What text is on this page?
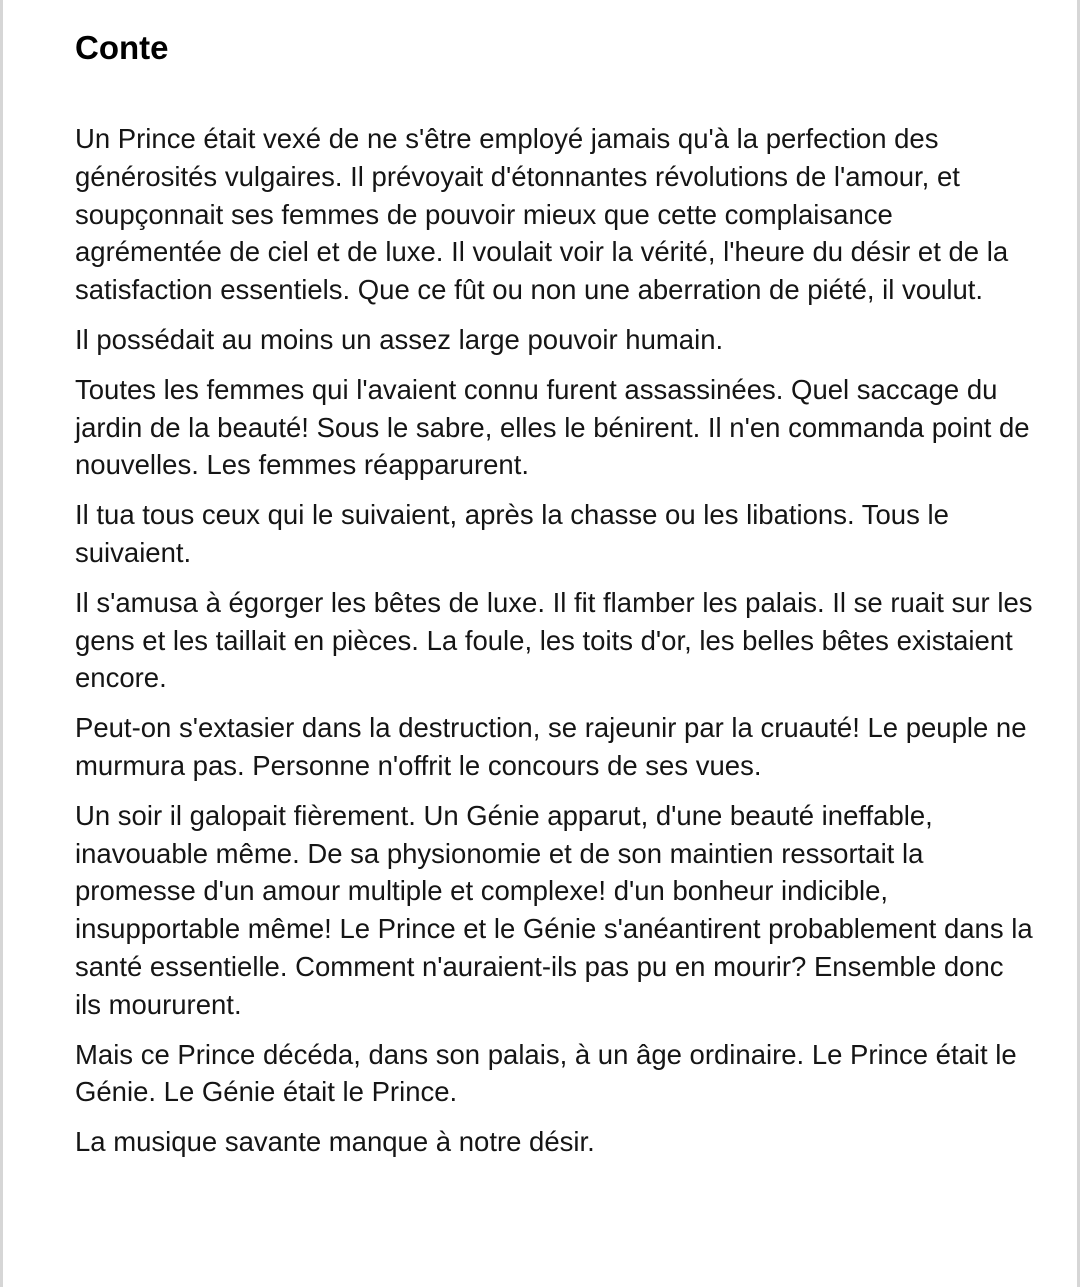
Conte

Un Prince était vexé de ne s'être employé jamais qu'à la perfection des générosités vulgaires. Il prévoyait d'étonnantes révolutions de l'amour, et soupçonnait ses femmes de pouvoir mieux que cette complaisance agrémentée de ciel et de luxe. Il voulait voir la vérité, l'heure du désir et de la satisfaction essentiels. Que ce fût ou non une aberration de piété, il voulut.

Il possédait au moins un assez large pouvoir humain.

Toutes les femmes qui l'avaient connu furent assassinées. Quel saccage du jardin de la beauté! Sous le sabre, elles le bénirent. Il n'en commanda point de nouvelles. Les femmes réapparurent.

Il tua tous ceux qui le suivaient, après la chasse ou les libations. Tous le suivaient.

Il s'amusa à égorger les bêtes de luxe. Il fit flamber les palais. Il se ruait sur les gens et les taillait en pièces. La foule, les toits d'or, les belles bêtes existaient encore.

Peut-on s'extasier dans la destruction, se rajeunir par la cruauté! Le peuple ne murmura pas. Personne n'offrit le concours de ses vues.

Un soir il galopait fièrement. Un Génie apparut, d'une beauté ineffable, inavouable même. De sa physionomie et de son maintien ressortait la promesse d'un amour multiple et complexe! d'un bonheur indicible, insupportable même! Le Prince et le Génie s'anéantirent probablement dans la santé essentielle. Comment n'auraient-ils pas pu en mourir? Ensemble donc ils moururent.

Mais ce Prince décéda, dans son palais, à un âge ordinaire. Le Prince était le Génie. Le Génie était le Prince.

La musique savante manque à notre désir.
